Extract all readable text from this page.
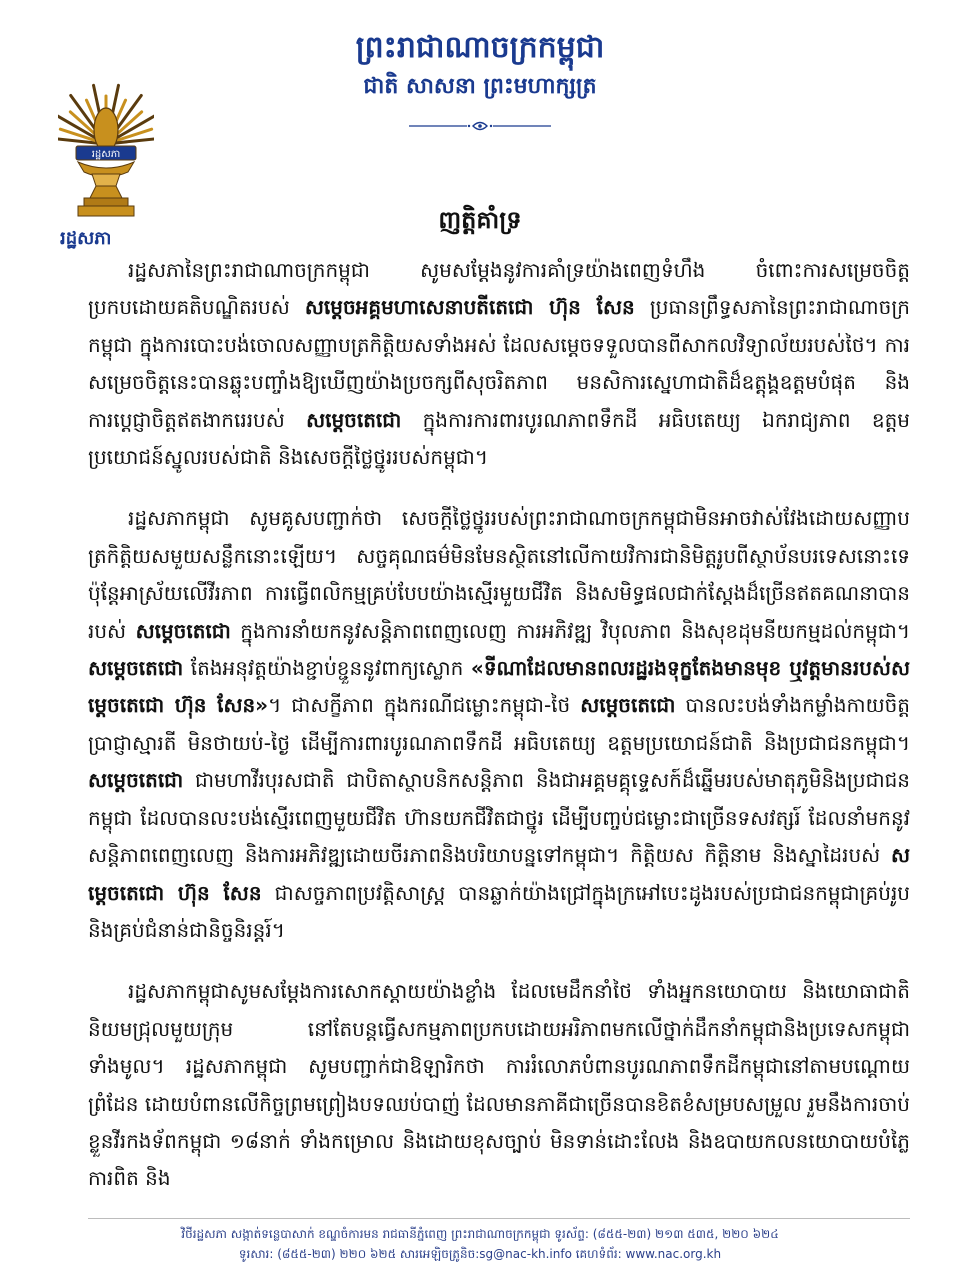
រដ្ឋសភា

រដ្ឋសភា

ព្រះរាជាណាចក្រកម្ពុជា
ជាតិ សាសនា ព្រះមហាក្សត្រ
ញត្តិគាំទ្រ

រដ្ឋសភានៃព្រះរាជាណាចក្រកម្ពុជា សូមសម្តែងនូវការគាំទ្រយ៉ាងពេញទំហឹង ចំពោះការសម្រេចចិត្តប្រកបដោយគតិបណ្ឌិតរបស់ សម្តេចអគ្គមហាសេនាបតីតេជោ ហ៊ុន សែន ប្រធានព្រឹទ្ធសភានៃព្រះរាជាណាចក្រកម្ពុជា ក្នុងការបោះបង់ចោលសញ្ញាបត្រកិត្តិយសទាំងអស់ ដែលសម្តេចទទួលបានពីសាកលវិទ្យាល័យរបស់ថៃ។ ការសម្រេចចិត្តនេះបានឆ្លុះបញ្ចាំងឱ្យឃើញយ៉ាងប្រចក្សពីសុចរិតភាព មនសិការស្នេហាជាតិដ៏ឧត្តុង្គឧត្តមបំផុត និងការប្តេជ្ញាចិត្តឥតងាករេរបស់ សម្តេចតេជោ ក្នុងការការពារបូរណភាពទឹកដី អធិបតេយ្យ ឯករាជ្យភាព ឧត្តមប្រយោជន៍ស្នូលរបស់ជាតិ និងសេចក្តីថ្លៃថ្នូររបស់កម្ពុជា។

រដ្ឋសភាកម្ពុជា សូមគូសបញ្ជាក់ថា សេចក្តីថ្លៃថ្នូររបស់ព្រះរាជាណាចក្រកម្ពុជាមិនអាចវាស់វែងដោយសញ្ញាបត្រកិត្តិយសមួយសន្លឹកនោះឡើយ។ សច្ចគុណធម៌មិនមែនស្ថិតនៅលើកាយវិការជានិមិត្តរូបពីស្ថាប័នបរទេសនោះទេ ប៉ុន្តែអាស្រ័យលើវីរភាព ការធ្វើពលិកម្មគ្រប់បែបយ៉ាងស្មើរមួយជីវិត និងសមិទ្ធផលជាក់ស្តែងដ៏ច្រើនឥតគណនាបានរបស់ សម្តេចតេជោ ក្នុងការនាំយកនូវសន្តិភាពពេញលេញ ការអភិវឌ្ឍ វិបុលភាព និងសុខដុមនីយកម្មដល់កម្ពុជា។ សម្តេចតេជោ តែងអនុវត្តយ៉ាងខ្ជាប់ខ្ជួននូវពាក្យស្លោក «ទីណាដែលមានពលរដ្ឋរងទុក្ខតែងមានមុខ ឬវត្តមានរបស់សម្តេចតេជោ ហ៊ុន សែន»។ ជាសក្ខីភាព ក្នុងករណីជម្លោះកម្ពុជា-ថៃ សម្តេចតេជោ បានលះបង់ទាំងកម្លាំងកាយចិត្ត ប្រាជ្ញាស្មារតី មិនថាយប់-ថ្ងៃ ដើម្បីការពារបូរណភាពទឹកដី អធិបតេយ្យ ឧត្តមប្រយោជន៍ជាតិ និងប្រជាជនកម្ពុជា។ សម្តេចតេជោ ជាមហាវីរបុរសជាតិ ជាបិតាស្ថាបនិកសន្តិភាព និងជាអគ្គមគ្គុទ្ទេសក៍ដ៏ឆ្នើមរបស់មាតុភូមិនិងប្រជាជនកម្ពុជា ដែលបានលះបង់ស្មើរពេញមួយជីវិត ហ៊ានយកជីវិតជាថ្នូរ ដើម្បីបញ្ចប់ជម្លោះជាច្រើនទសវត្សរ៍ ដែលនាំមកនូវសន្តិភាពពេញលេញ និងការអភិវឌ្ឍដោយចីរភាពនិងបរិយាបន្នទៅកម្ពុជា។ កិត្តិយស កិត្តិនាម និងស្នាដៃរបស់ សម្តេចតេជោ ហ៊ុន សែន ជាសច្ចភាពប្រវត្តិសាស្ត្រ បានឆ្លាក់យ៉ាងជ្រៅក្នុងក្រអៅបេះដូងរបស់ប្រជាជនកម្ពុជាគ្រប់រូប និងគ្រប់ជំនាន់ជានិច្ចនិរន្តរ៍។

រដ្ឋសភាកម្ពុជាសូមសម្តែងការសោកស្តាយយ៉ាងខ្លាំង ដែលមេដឹកនាំថៃ ទាំងអ្នកនយោបាយ និងយោធាជាតិនិយមជ្រុលមួយក្រុម នៅតែបន្តធ្វើសកម្មភាពប្រកបដោយអរិភាពមកលើថ្នាក់ដឹកនាំកម្ពុជានិងប្រទេសកម្ពុជាទាំងមូល។ រដ្ឋសភាកម្ពុជា សូមបញ្ជាក់ជាឱឡារិកថា ការរំលោភបំពានបូរណភាពទឹកដីកម្ពុជានៅតាមបណ្តោយព្រំដែន ដោយបំពានលើកិច្ចព្រមព្រៀងបទឈប់បាញ់ ដែលមានភាគីជាច្រើនបានខិតខំសម្របសម្រួល រួមនឹងការចាប់ខ្លួនវីរកងទ័ពកម្ពុជា ១៨នាក់ ទាំងកម្រោល និងដោយខុសច្បាប់ មិនទាន់ដោះលែង និងឧបាយកលនយោបាយបំភ្លៃការពិត និង

វិថីរដ្ឋសភា សង្កាត់ទន្លេបាសាក់ ខណ្ឌចំការមន រាជធានីភ្នំពេញ ព្រះរាជាណាចក្រកម្ពុជា ទូរស័ព្ទ: (៨៥៥-២៣) ២១៣ ៥៣៥, ២២០ ៦២៤

ទូរសារ: (៨៥៥-២៣) ២២០ ៦២៥ សារអេឡិចត្រូនិច:sg@nac-kh.info គេហទំព័រ: www.nac.org.kh
